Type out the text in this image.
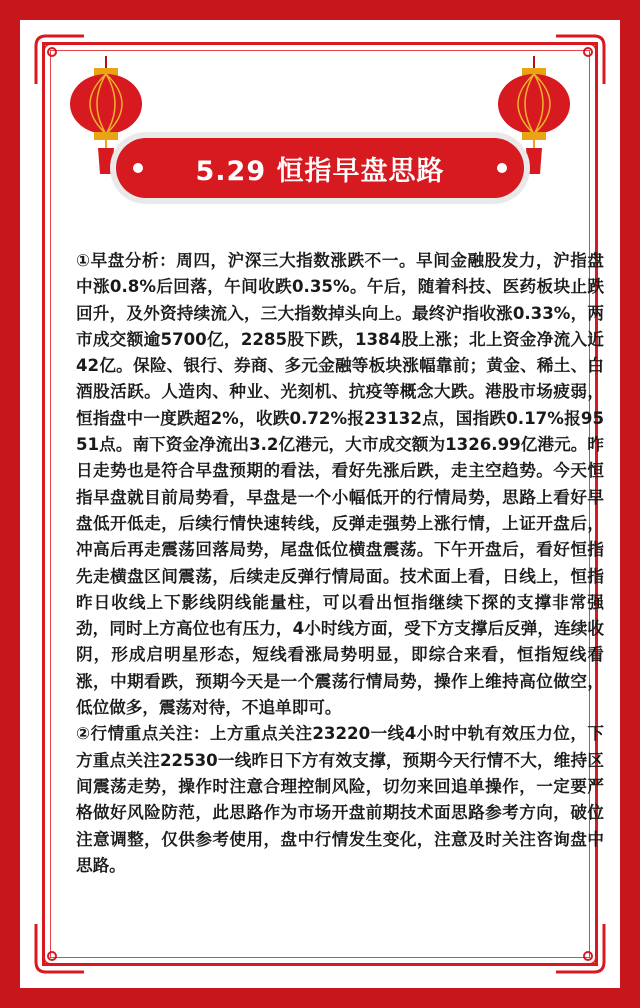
5.29 恒指早盘思路

①早盘分析：周四，沪深三大指数涨跌不一。早间金融股发力，沪指盘中涨0.8%后回落，午间收跌0.35%。午后，随着科技、医药板块止跌回升，及外资持续流入，三大指数掉头向上。最终沪指收涨0.33%，两市成交额逾5700亿，2285股下跌，1384股上涨；北上资金净流入近42亿。保险、银行、券商、多元金融等板块涨幅靠前；黄金、稀土、白酒股活跃。人造肉、种业、光刻机、抗疫等概念大跌。港股市场疲弱，恒指盘中一度跌超2%，收跌0.72%报23132点，国指跌0.17%报9551点。南下资金净流出3.2亿港元，大市成交额为1326.99亿港元。昨日走势也是符合早盘预期的看法，看好先涨后跌，走主空趋势。今天恒指早盘就目前局势看，早盘是一个小幅低开的行情局势，思路上看好早盘低开低走，后续行情快速转线，反弹走强势上涨行情，上证开盘后，冲高后再走震荡回落局势，尾盘低位横盘震荡。下午开盘后，看好恒指先走横盘区间震荡，后续走反弹行情局面。技术面上看，日线上，恒指昨日收线上下影线阴线能量柱，可以看出恒指继续下探的支撑非常强劲，同时上方高位也有压力，4小时线方面，受下方支撑后反弹，连续收阴，形成启明星形态，短线看涨局势明显，即综合来看，恒指短线看涨，中期看跌，预期今天是一个震荡行情局势，操作上维持高位做空，低位做多，震荡对待，不追单即可。

②行情重点关注：上方重点关注23220一线4小时中轨有效压力位，下方重点关注22530一线昨日下方有效支撑，预期今天行情不大，维持区间震荡走势，操作时注意合理控制风险，切勿来回追单操作，一定要严格做好风险防范，此思路作为市场开盘前期技术面思路参考方向，破位注意调整，仅供参考使用，盘中行情发生变化，注意及时关注咨询盘中思路。
